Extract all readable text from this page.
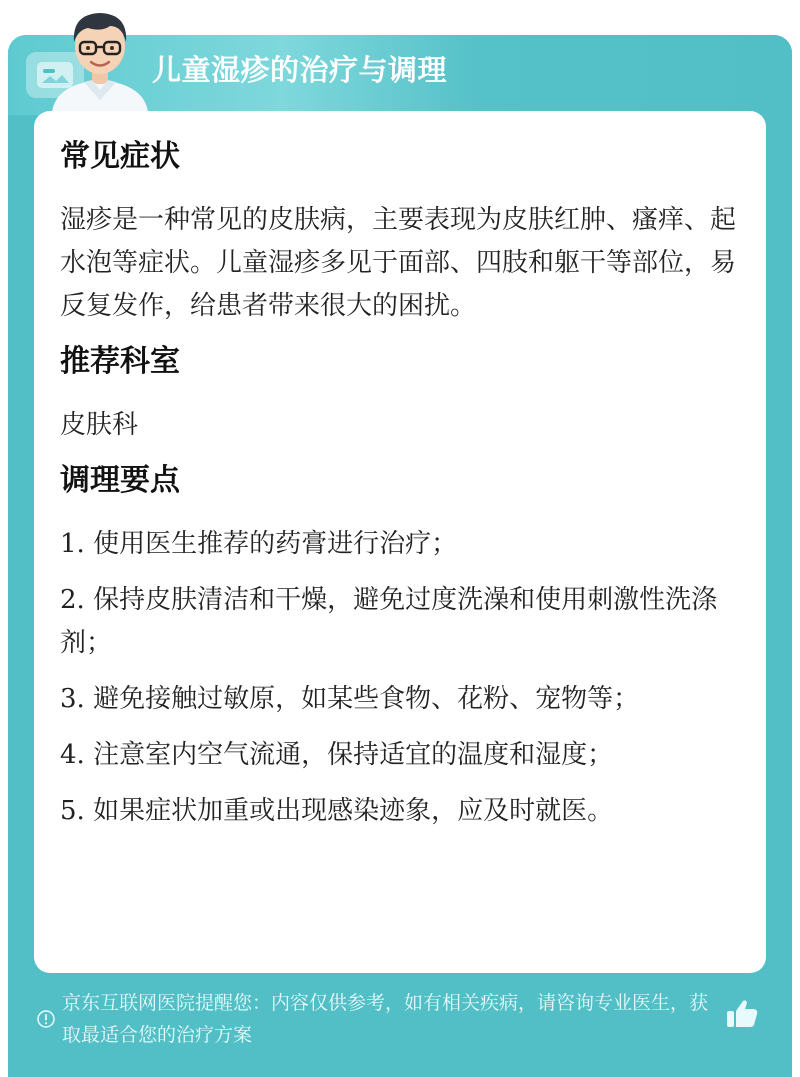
儿童湿疹的治疗与调理
常见症状

湿疹是一种常见的皮肤病，主要表现为皮肤红肿、瘙痒、起水泡等症状。儿童湿疹多见于面部、四肢和躯干等部位，易反复发作，给患者带来很大的困扰。

推荐科室

皮肤科

调理要点
1. 使用医生推荐的药膏进行治疗；
2. 保持皮肤清洁和干燥，避免过度洗澡和使用刺激性洗涤剂；
3. 避免接触过敏原，如某些食物、花粉、宠物等；
4. 注意室内空气流通，保持适宜的温度和湿度；
5. 如果症状加重或出现感染迹象，应及时就医。
京东互联网医院提醒您：内容仅供参考，如有相关疾病，请咨询专业医生，获取最适合您的治疗方案
